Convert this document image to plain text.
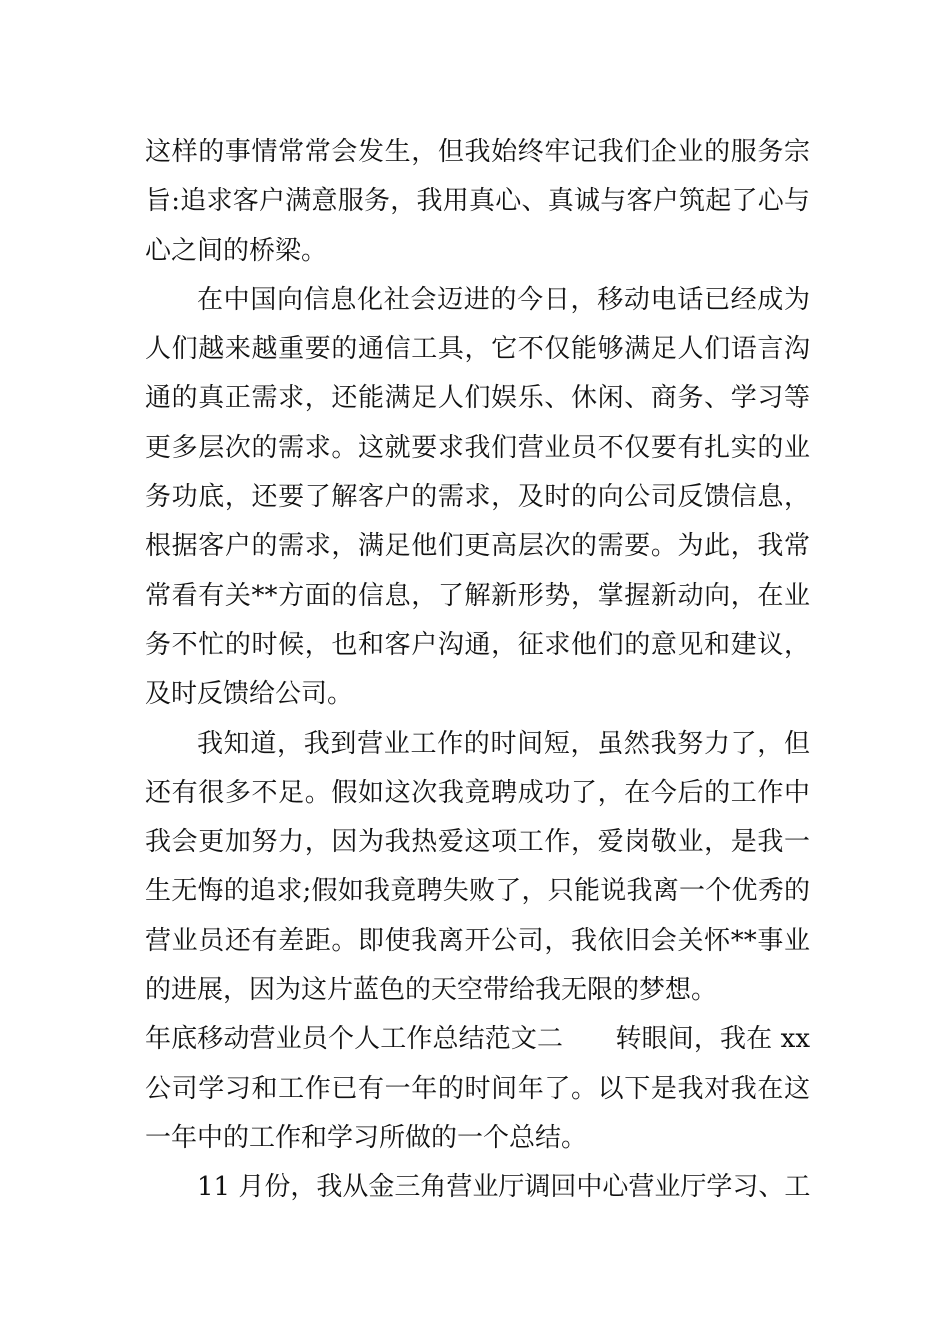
这样的事情常常会发生，但我始终牢记我们企业的服务宗
旨:追求客户满意服务，我用真心、真诚与客户筑起了心与
心之间的桥梁。
在中国向信息化社会迈进的今日，移动电话已经成为
人们越来越重要的通信工具，它不仅能够满足人们语言沟
通的真正需求，还能满足人们娱乐、休闲、商务、学习等
更多层次的需求。这就要求我们营业员不仅要有扎实的业
务功底，还要了解客户的需求，及时的向公司反馈信息，
根据客户的需求，满足他们更高层次的需要。为此，我常
常看有关**方面的信息，了解新形势，掌握新动向，在业
务不忙的时候，也和客户沟通，征求他们的意见和建议，
及时反馈给公司。
我知道，我到营业工作的时间短，虽然我努力了，但
还有很多不足。假如这次我竟聘成功了，在今后的工作中
我会更加努力，因为我热爱这项工作，爱岗敬业，是我一
生无悔的追求;假如我竟聘失败了，只能说我离一个优秀的
营业员还有差距。即使我离开公司，我依旧会关怀**事业
的进展，因为这片蓝色的天空带给我无限的梦想。
年底移动营业员个人工作总结范文二　　转眼间，我在 xx
公司学习和工作已有一年的时间年了。以下是我对我在这
一年中的工作和学习所做的一个总结。
11 月份，我从金三角营业厅调回中心营业厅学习、工
